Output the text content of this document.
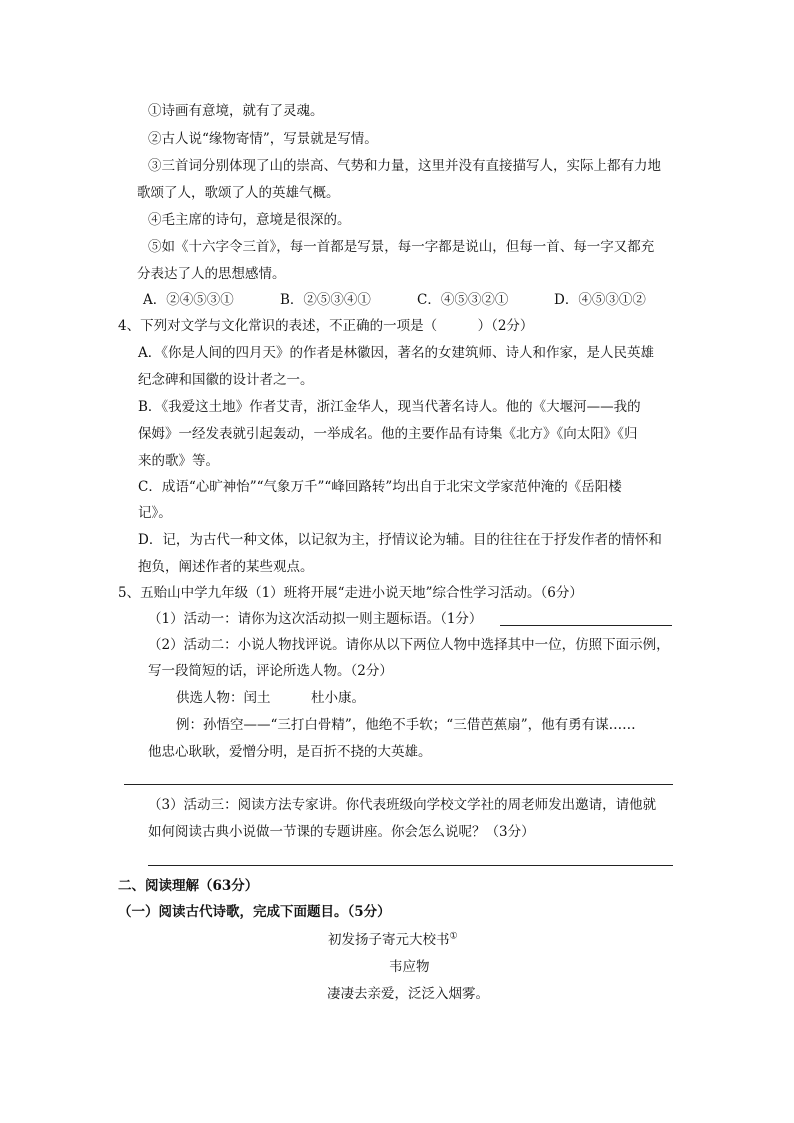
①诗画有意境，就有了灵魂。
②古人说“缘物寄情”，写景就是写情。
③三首词分别体现了山的崇高、气势和力量，这里并没有直接描写人，实际上都有力地
歌颂了人，歌颂了人的英雄气概。
④毛主席的诗句，意境是很深的。
⑤如《十六字令三首》，每一首都是写景，每一字都是说山，但每一首、每一字又都充
分表达了人的思想感情。
A．②④⑤③①	B．②⑤③④①	C．④⑤③②①	D．④⑤③①②
4、下列对文学与文化常识的表述，不正确的一项是（　　　）（2分）
A．《你是人间的四月天》的作者是林徽因，著名的女建筑师、诗人和作家，是人民英雄
纪念碑和国徽的设计者之一。
B．《我爱这土地》作者艾青，浙江金华人，现当代著名诗人。他的《大堰河——我的
保姆》一经发表就引起轰动，一举成名。他的主要作品有诗集《北方》《向太阳》《归
来的歌》等。
C．成语“心旷神怡”“气象万千”“峰回路转”均出自于北宋文学家范仲淹的《岳阳楼
记》。
D．记，为古代一种文体，以记叙为主，抒情议论为辅。目的往往在于抒发作者的情怀和
抱负，阐述作者的某些观点。
5、五贻山中学九年级（1）班将开展“走进小说天地”综合性学习活动。（6分）
（1）活动一：请你为这次活动拟一则主题标语。（1分）
（2）活动二：小说人物找评说。请你从以下两位人物中选择其中一位，仿照下面示例，
写一段简短的话，评论所选人物。（2分）
供选人物：闰土　　　杜小康。
例：孙悟空——“三打白骨精”，他绝不手软；“三借芭蕉扇”，他有勇有谋……
他忠心耿耿，爱憎分明，是百折不挠的大英雄。
（3）活动三：阅读方法专家讲。你代表班级向学校文学社的周老师发出邀请，请他就
如何阅读古典小说做一节课的专题讲座。你会怎么说呢？（3分）
二、阅读理解（63分）
（一）阅读古代诗歌，完成下面题目。（5分）
初发扬子寄元大校书①
韦应物
凄凄去亲爱，泛泛入烟雾。
